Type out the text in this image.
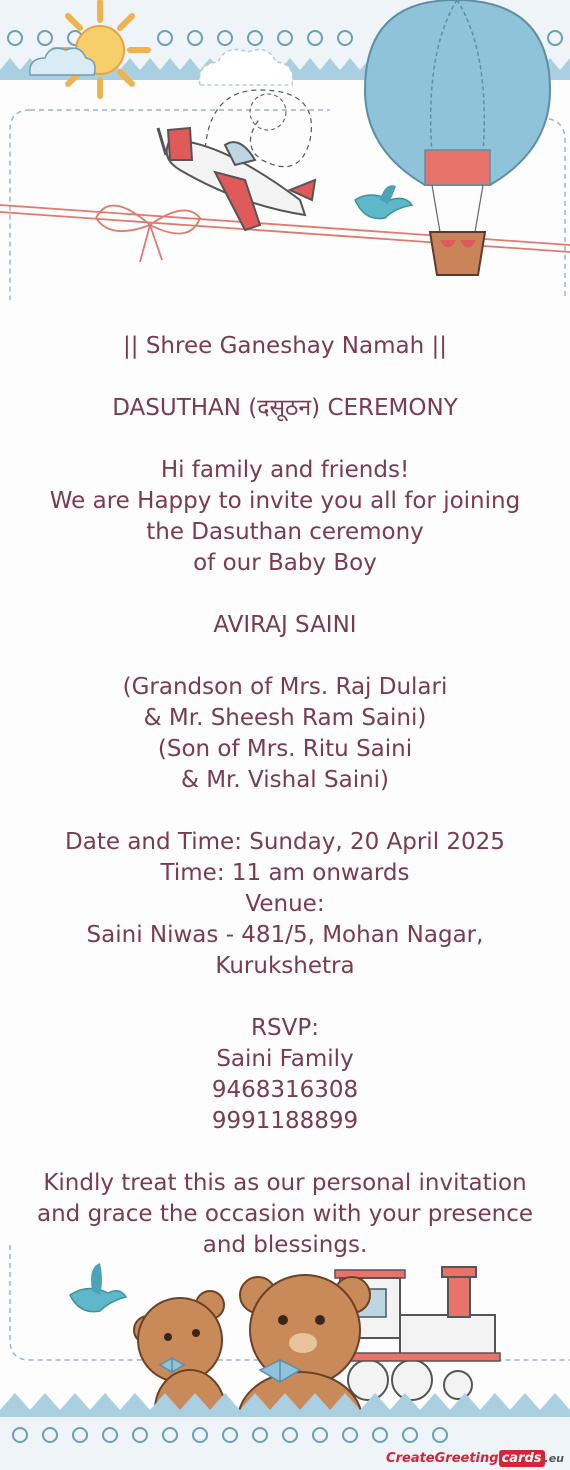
|| Shree Ganeshay Namah ||
DASUTHAN (दसूठन) CEREMONY
Hi family and friends!
We are Happy to invite you all for joining
the Dasuthan ceremony
of our Baby Boy
AVIRAJ SAINI
(Grandson of Mrs. Raj Dulari
& Mr. Sheesh Ram Saini)
(Son of Mrs. Ritu Saini
& Mr. Vishal Saini)
Date and Time: Sunday, 20 April 2025
Time: 11 am onwards
Venue:
Saini Niwas - 481/5, Mohan Nagar,
Kurukshetra
RSVP:
Saini Family
9468316308
9991188899
Kindly treat this as our personal invitation
and grace the occasion with your presence
and blessings.
CreateGreeting cards .eu
